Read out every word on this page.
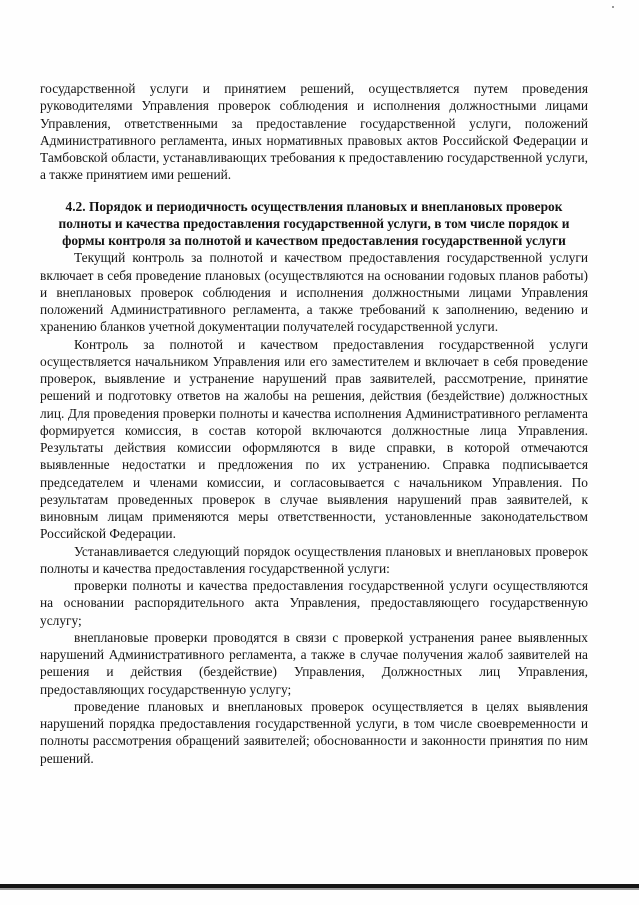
государственной услуги и принятием решений, осуществляется путем проведения руководителями Управления проверок соблюдения и исполнения должностными лицами Управления, ответственными за предоставление государственной услуги, положений Административного регламента, иных нормативных правовых актов Российской Федерации и Тамбовской области, устанавливающих требования к предоставлению государственной услуги, а также принятием ими решений.

4.2. Порядок и периодичность осуществления плановых и внеплановых проверок полноты и качества предоставления государственной услуги, в том числе порядок и формы контроля за полнотой и качеством предоставления государственной услуги

Текущий контроль за полнотой и качеством предоставления государственной услуги включает в себя проведение плановых (осуществляются на основании годовых планов работы) и внеплановых проверок соблюдения и исполнения должностными лицами Управления положений Административного регламента, а также требований к заполнению, ведению и хранению бланков учетной документации получателей государственной услуги.

Контроль за полнотой и качеством предоставления государственной услуги осуществляется начальником Управления или его заместителем и включает в себя проведение проверок, выявление и устранение нарушений прав заявителей, рассмотрение, принятие решений и подготовку ответов на жалобы на решения, действия (бездействие) должностных лиц. Для проведения проверки полноты и качества исполнения Административного регламента формируется комиссия, в состав которой включаются должностные лица Управления. Результаты действия комиссии оформляются в виде справки, в которой отмечаются выявленные недостатки и предложения по их устранению. Справка подписывается председателем и членами комиссии, и согласовывается с начальником Управления. По результатам проведенных проверок в случае выявления нарушений прав заявителей, к виновным лицам применяются меры ответственности, установленные законодательством Российской Федерации.

Устанавливается следующий порядок осуществления плановых и внеплановых проверок полноты и качества предоставления государственной услуги:

проверки полноты и качества предоставления государственной услуги осуществляются на основании распорядительного акта Управления, предоставляющего государственную услугу;

внеплановые проверки проводятся в связи с проверкой устранения ранее выявленных нарушений Административного регламента, а также в случае получения жалоб заявителей на решения и действия (бездействие) Управления, Должностных лиц Управления, предоставляющих государственную услугу;

проведение плановых и внеплановых проверок осуществляется в целях выявления нарушений порядка предоставления государственной услуги, в том числе своевременности и полноты рассмотрения обращений заявителей; обоснованности и законности принятия по ним решений.
